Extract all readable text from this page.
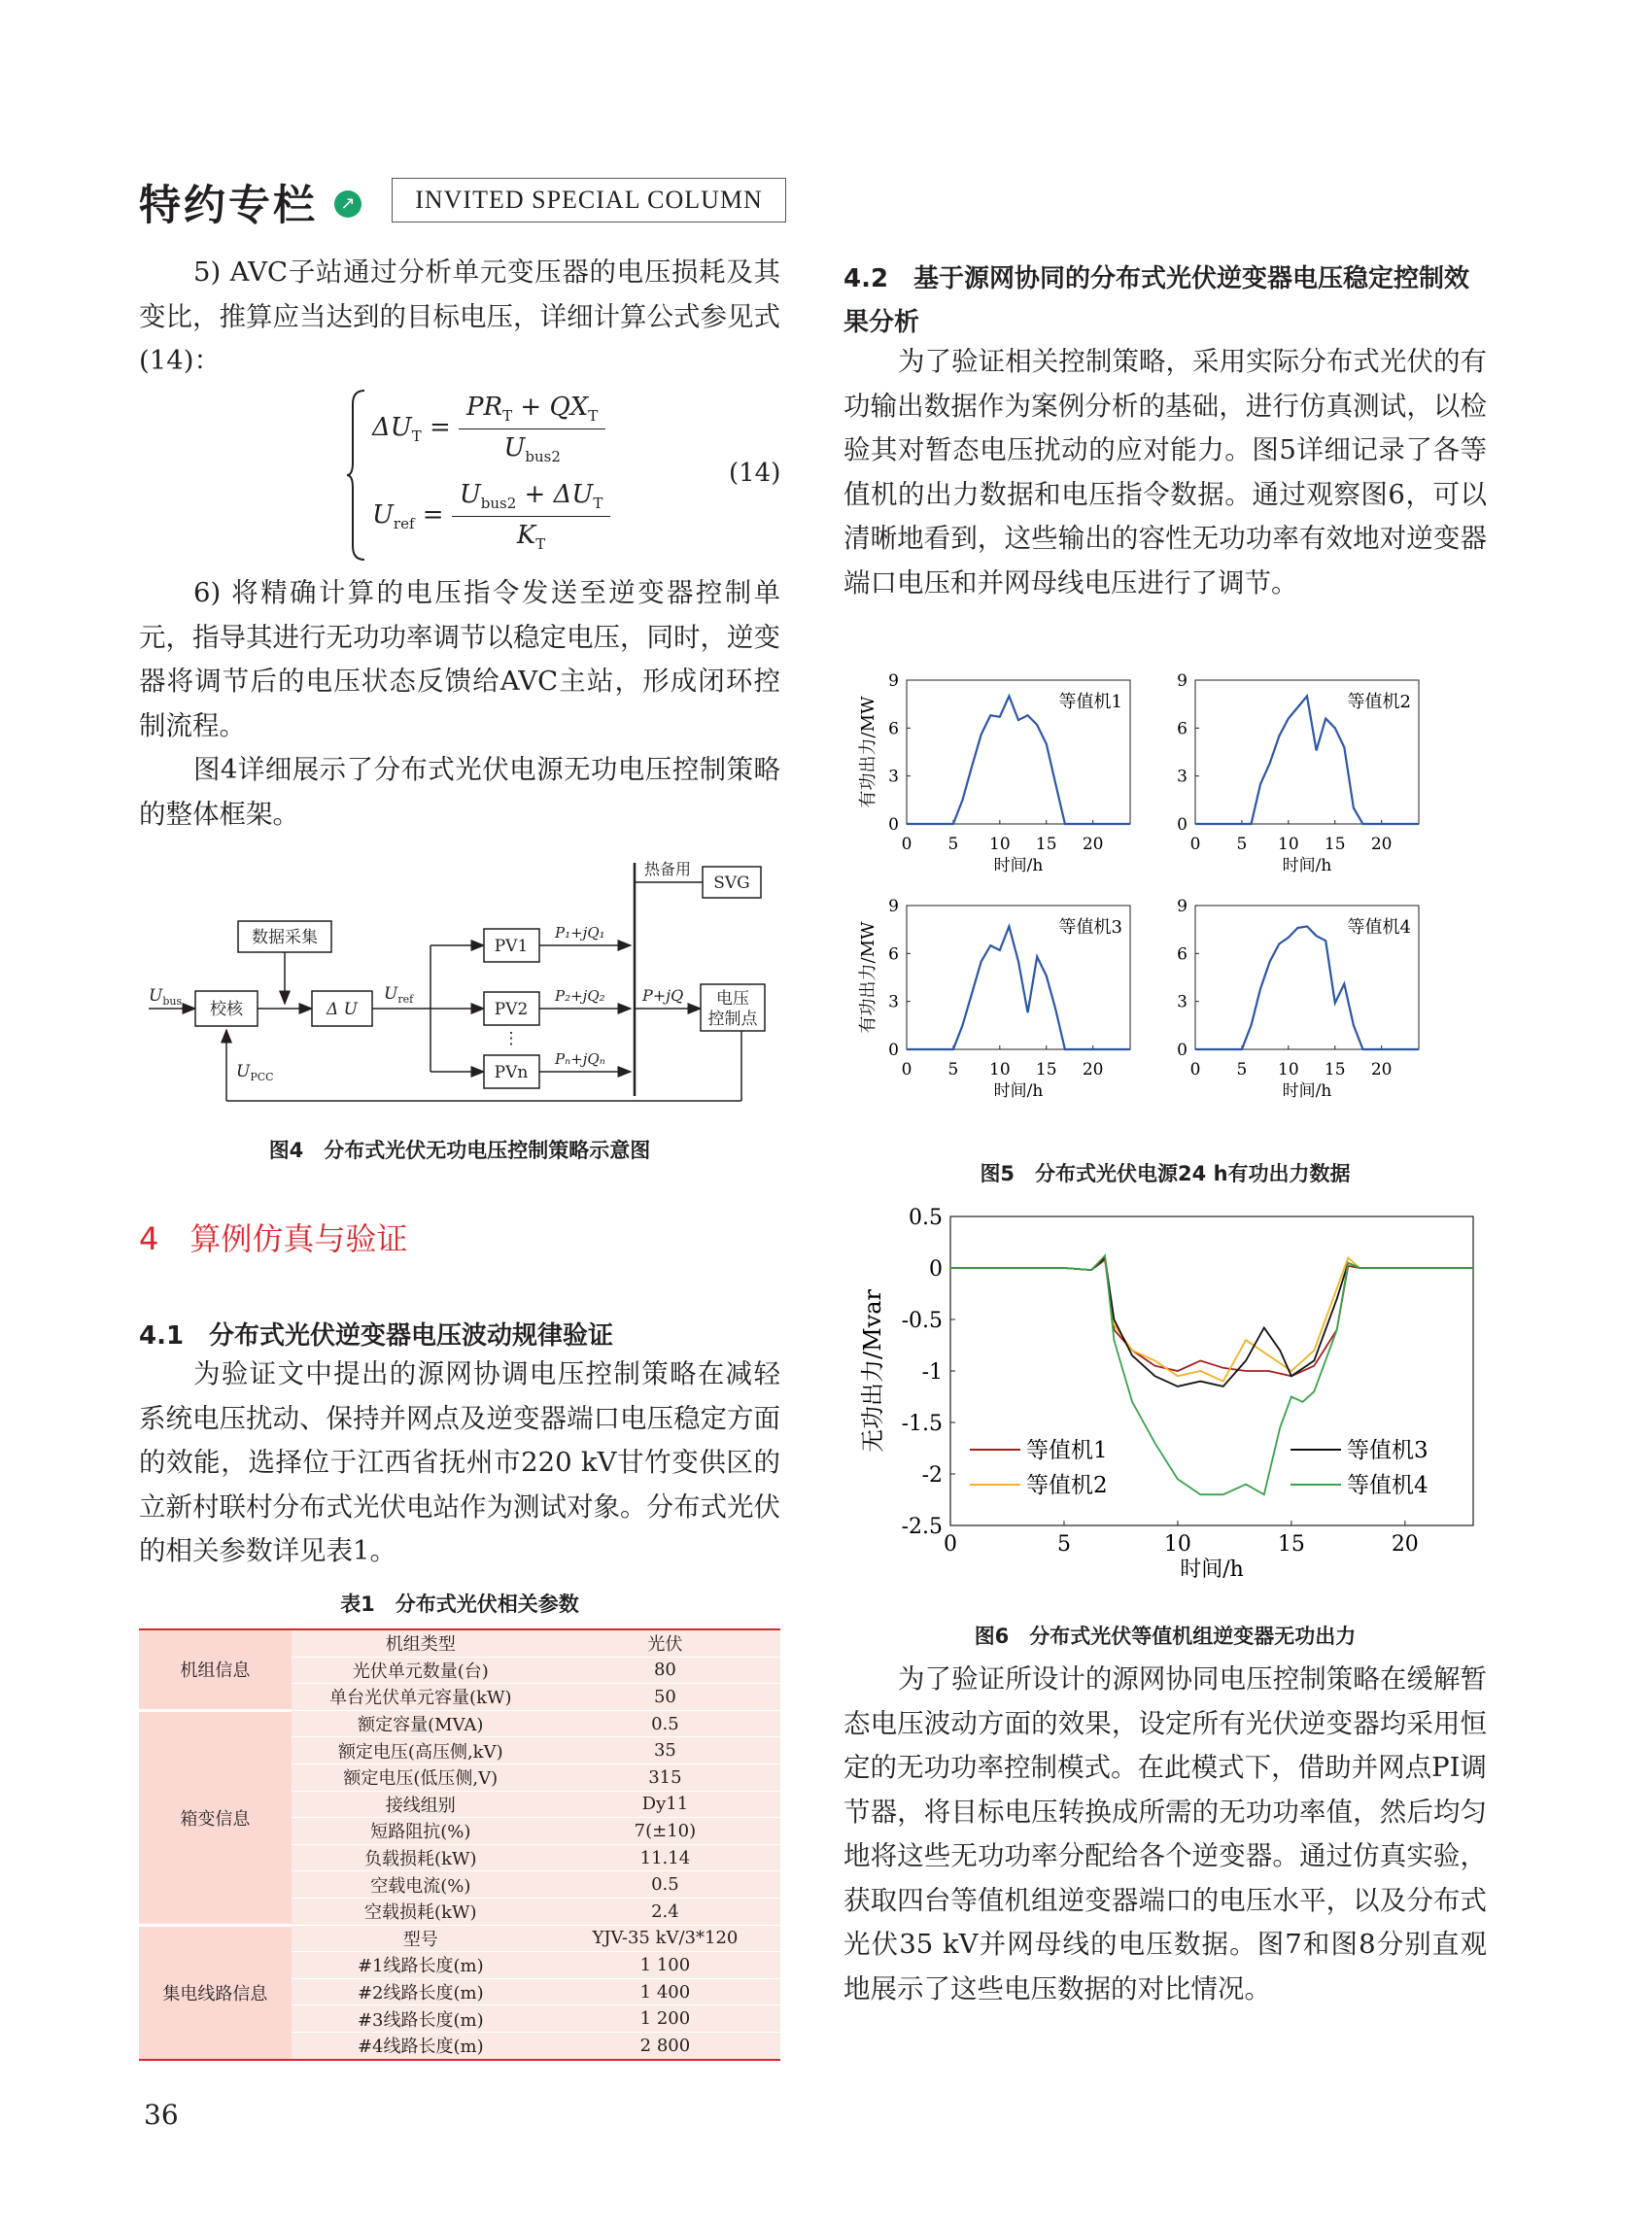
特约专栏	↗	INVITED SPECIAL COLUMN

5) AVC子站通过分析单元变压器的电压损耗及其变比，推算应当达到的目标电压，详细计算公式参见式(14)：

$\Delta U_T = \frac{PR_T + QX_T}{U_{bus2}}$
$U_{ref} = \frac{U_{bus2} + \Delta U_T}{K_T}$
(14)

6) 将精确计算的电压指令发送至逆变器控制单元，指导其进行无功功率调节以稳定电压，同时，逆变器将调节后的电压状态反馈给AVC主站，形成闭环控制流程。

图4详细展示了分布式光伏电源无功电压控制策略的整体框架。

$U_{bus}$ 校核
数据采集
Δ U
$U_{ref}$
$U_{PCC}$
PV1
PV2
⋮
PVn
P₁+jQ₁
P₂+jQ₂
Pₙ+jQₙ
P+jQ
热备用
SVG
电压
控制点
图4　分布式光伏无功电压控制策略示意图
4　算例仿真与验证
4.1　分布式光伏逆变器电压波动规律验证

为验证文中提出的源网协调电压控制策略在减轻系统电压扰动、保持并网点及逆变器端口电压稳定方面的效能，选择位于江西省抚州市220 kV甘竹变供区的立新村联村分布式光伏电站作为测试对象。分布式光伏的相关参数详见表1。

表1　分布式光伏相关参数
机组信息	机组类型	光伏
	光伏单元数量(台)	80
	单台光伏单元容量(kW)	50
箱变信息	额定容量(MVA)	0.5
	额定电压(高压侧,kV)	35
	额定电压(低压侧,V)	315
	接线组别	Dy11
	短路阻抗(%)	7(±10)
	负载损耗(kW)	11.14
	空载电流(%)	0.5
	空载损耗(kW)	2.4
集电线路信息	型号	YJV-35 kV/3*120
	#1线路长度(m)	1 100
	#2线路长度(m)	1 400
	#3线路长度(m)	1 200
	#4线路长度(m)	2 800
36
4.2　基于源网协同的分布式光伏逆变器电压稳定控制效果分析

为了验证相关控制策略，采用实际分布式光伏的有功输出数据作为案例分析的基础，进行仿真测试，以检验其对暂态电压扰动的应对能力。图5详细记录了各等值机的出力数据和电压指令数据。通过观察图6，可以清晰地看到，这些输出的容性无功功率有效地对逆变器端口电压和并网母线电压进行了调节。

0
3
6
9
0 5 10 15 20
时间/h
有功出力/MW	等值机1
0
3
6
9
0 5 10 15 20
时间/h
等值机2
0
3
6
9
0 5 10 15 20
时间/h
有功出力/MW	等值机3
0
3
6
9
0 5 10 15 20
时间/h
等值机4
图5　分布式光伏电源24 h有功出力数据
0.5
0
-0.5
-1
-1.5
-2
-2.5
0	5	10	15	20
时间/h
无功出力/Mvar	等值机1
等值机2
等值机3
等值机4
图6　分布式光伏等值机组逆变器无功出力

为了验证所设计的源网协同电压控制策略在缓解暂态电压波动方面的效果，设定所有光伏逆变器均采用恒定的无功功率控制模式。在此模式下，借助并网点PI调节器，将目标电压转换成所需的无功功率值，然后均匀地将这些无功功率分配给各个逆变器。通过仿真实验，获取四台等值机组逆变器端口的电压水平，以及分布式光伏35 kV并网母线的电压数据。图7和图8分别直观地展示了这些电压数据的对比情况。
